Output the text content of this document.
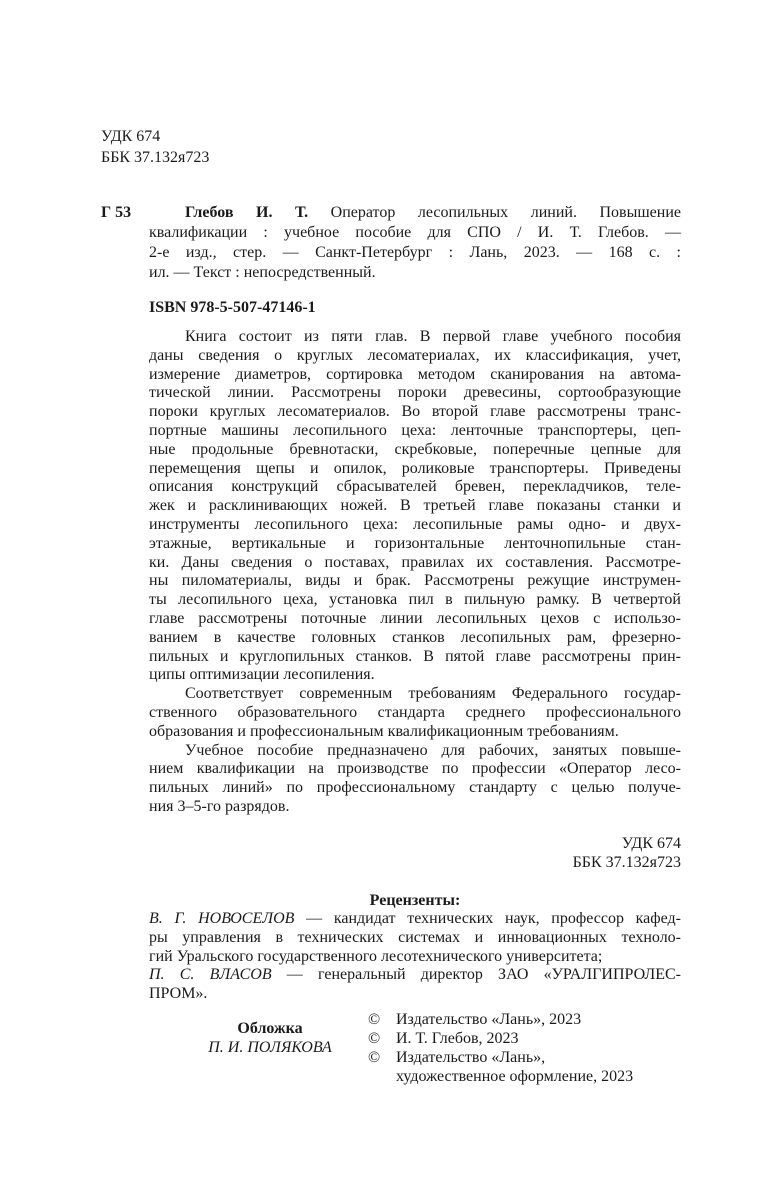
УДК 674
ББК 37.132я723
Г 53	Глебов И. Т. Оператор лесопильных линий. Повышение
квалификации : учебное пособие для СПО / И. Т. Глебов. —
2-е изд., стер. — Санкт-Петербург : Лань, 2023. — 168 с. :
ил. — Текст : непосредственный.
ISBN 978-5-507-47146-1
Книга состоит из пяти глав. В первой главе учебного пособия
даны сведения о круглых лесоматериалах, их классификация, учет,
измерение диаметров, сортировка методом сканирования на автома-
тической линии. Рассмотрены пороки древесины, сортообразующие
пороки круглых лесоматериалов. Во второй главе рассмотрены транс-
портные машины лесопильного цеха: ленточные транспортеры, цеп-
ные продольные бревнотаски, скребковые, поперечные цепные для
перемещения щепы и опилок, роликовые транспортеры. Приведены
описания конструкций сбрасывателей бревен, перекладчиков, теле-
жек и расклинивающих ножей. В третьей главе показаны станки и
инструменты лесопильного цеха: лесопильные рамы одно- и двух-
этажные, вертикальные и горизонтальные ленточнопильные стан-
ки. Даны сведения о поставах, правилах их составления. Рассмотре-
ны пиломатериалы, виды и брак. Рассмотрены режущие инструмен-
ты лесопильного цеха, установка пил в пильную рамку. В четвертой
главе рассмотрены поточные линии лесопильных цехов с использо-
ванием в качестве головных станков лесопильных рам, фрезерно-
пильных и круглопильных станков. В пятой главе рассмотрены прин-
ципы оптимизации лесопиления.
Соответствует современным требованиям Федерального государ-
ственного образовательного стандарта среднего профессионального
образования и профессиональным квалификационным требованиям.
Учебное пособие предназначено для рабочих, занятых повыше-
нием квалификации на производстве по профессии «Оператор лесо-
пильных линий» по профессиональному стандарту с целью получе-
ния 3–5-го разрядов.
УДК 674
ББК 37.132я723
Рецензенты:
В. Г. НОВОСЕЛОВ — кандидат технических наук, профессор кафед-
ры управления в технических системах и инновационных техноло-
гий Уральского государственного лесотехнического университета;
П. С. ВЛАСОВ — генеральный директор ЗАО «УРАЛГИПРОЛЕС-
ПРОМ».
Обложка
П. И. ПОЛЯКОВА
© Издательство «Лань», 2023
© И. Т. Глебов, 2023
© Издательство «Лань»,
художественное оформление, 2023
